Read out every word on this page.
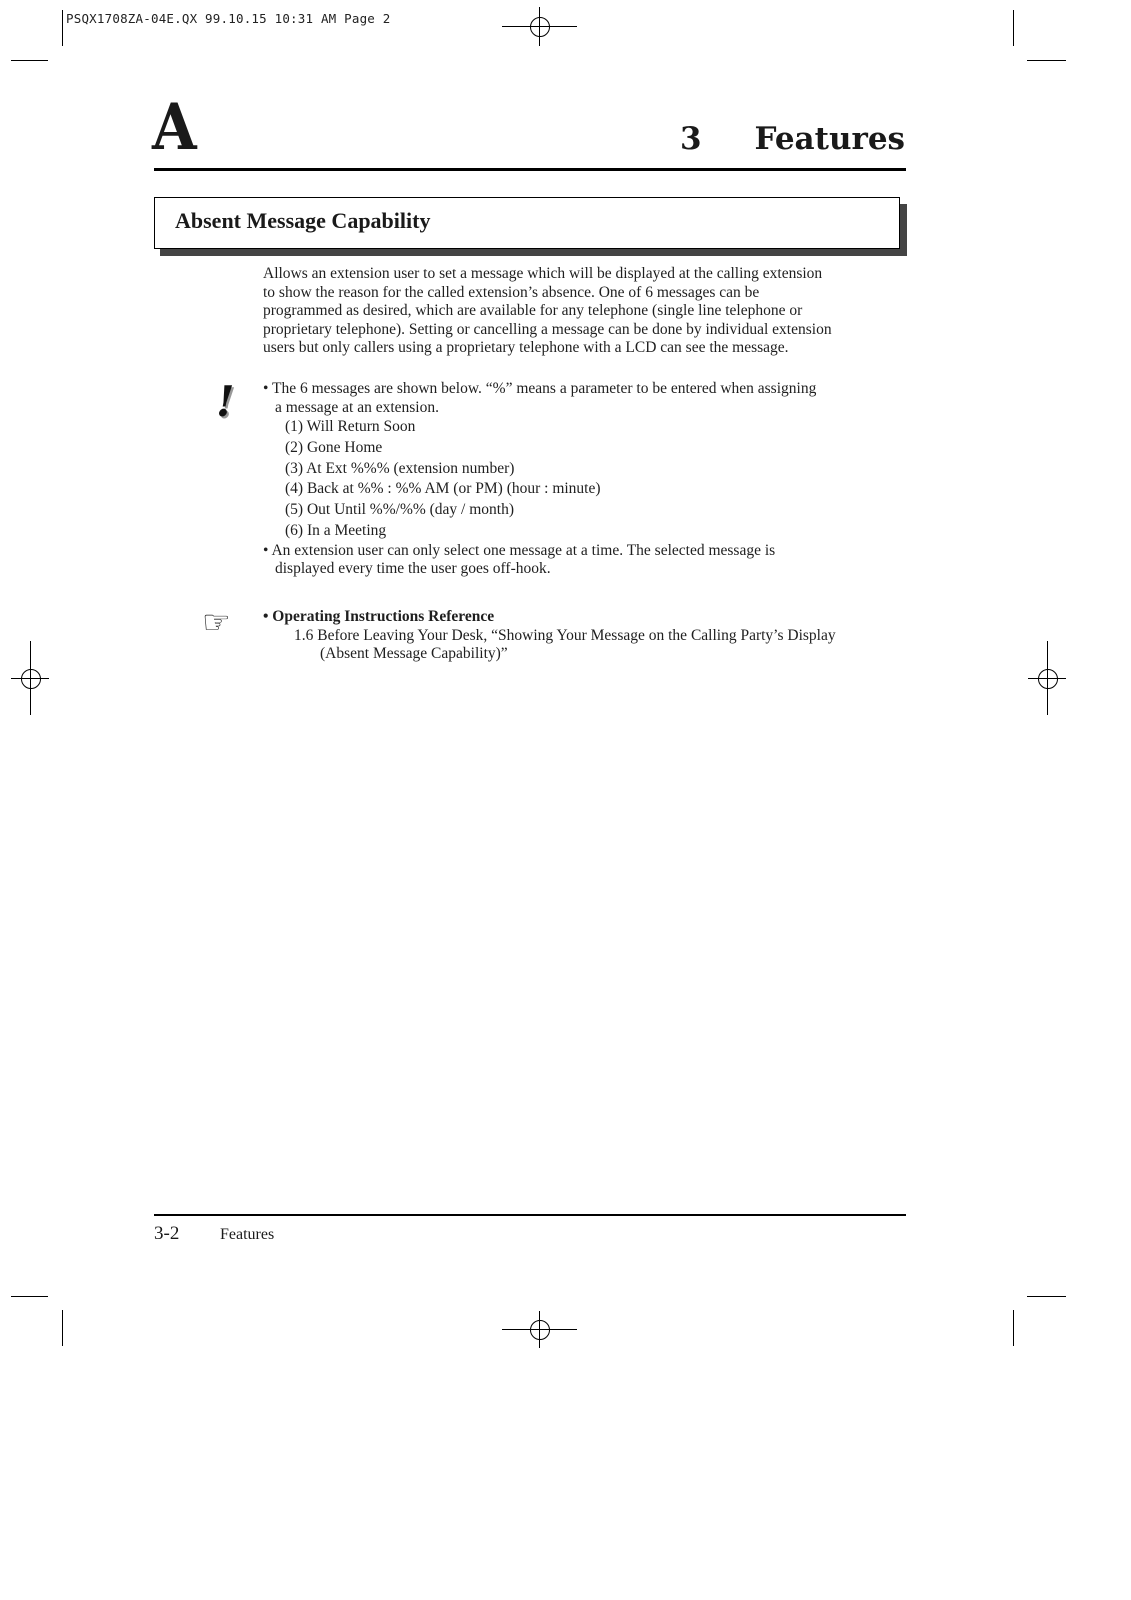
PSQX1708ZA-04E.QX 99.10.15 10:31 AM Page 2
A	3 Features
Absent Message Capability
Allows an extension user to set a message which will be displayed at the calling extension
to show the reason for the called extension’s absence. One of 6 messages can be
programmed as desired, which are available for any telephone (single line telephone or
proprietary telephone). Setting or cancelling a message can be done by individual extension
users but only callers using a proprietary telephone with a LCD can see the message.
! • The 6 messages are shown below. “%” means a parameter to be entered when assigning
a message at an extension.
(1) Will Return Soon
(2) Gone Home
(3) At Ext %%% (extension number)
(4) Back at %% : %% AM (or PM) (hour : minute)
(5) Out Until %%/%% (day / month)
(6) In a Meeting
• An extension user can only select one message at a time. The selected message is
displayed every time the user goes off-hook.
☞ • Operating Instructions Reference
1.6 Before Leaving Your Desk, “Showing Your Message on the Calling Party’s Display
(Absent Message Capability)”
3-2	Features
